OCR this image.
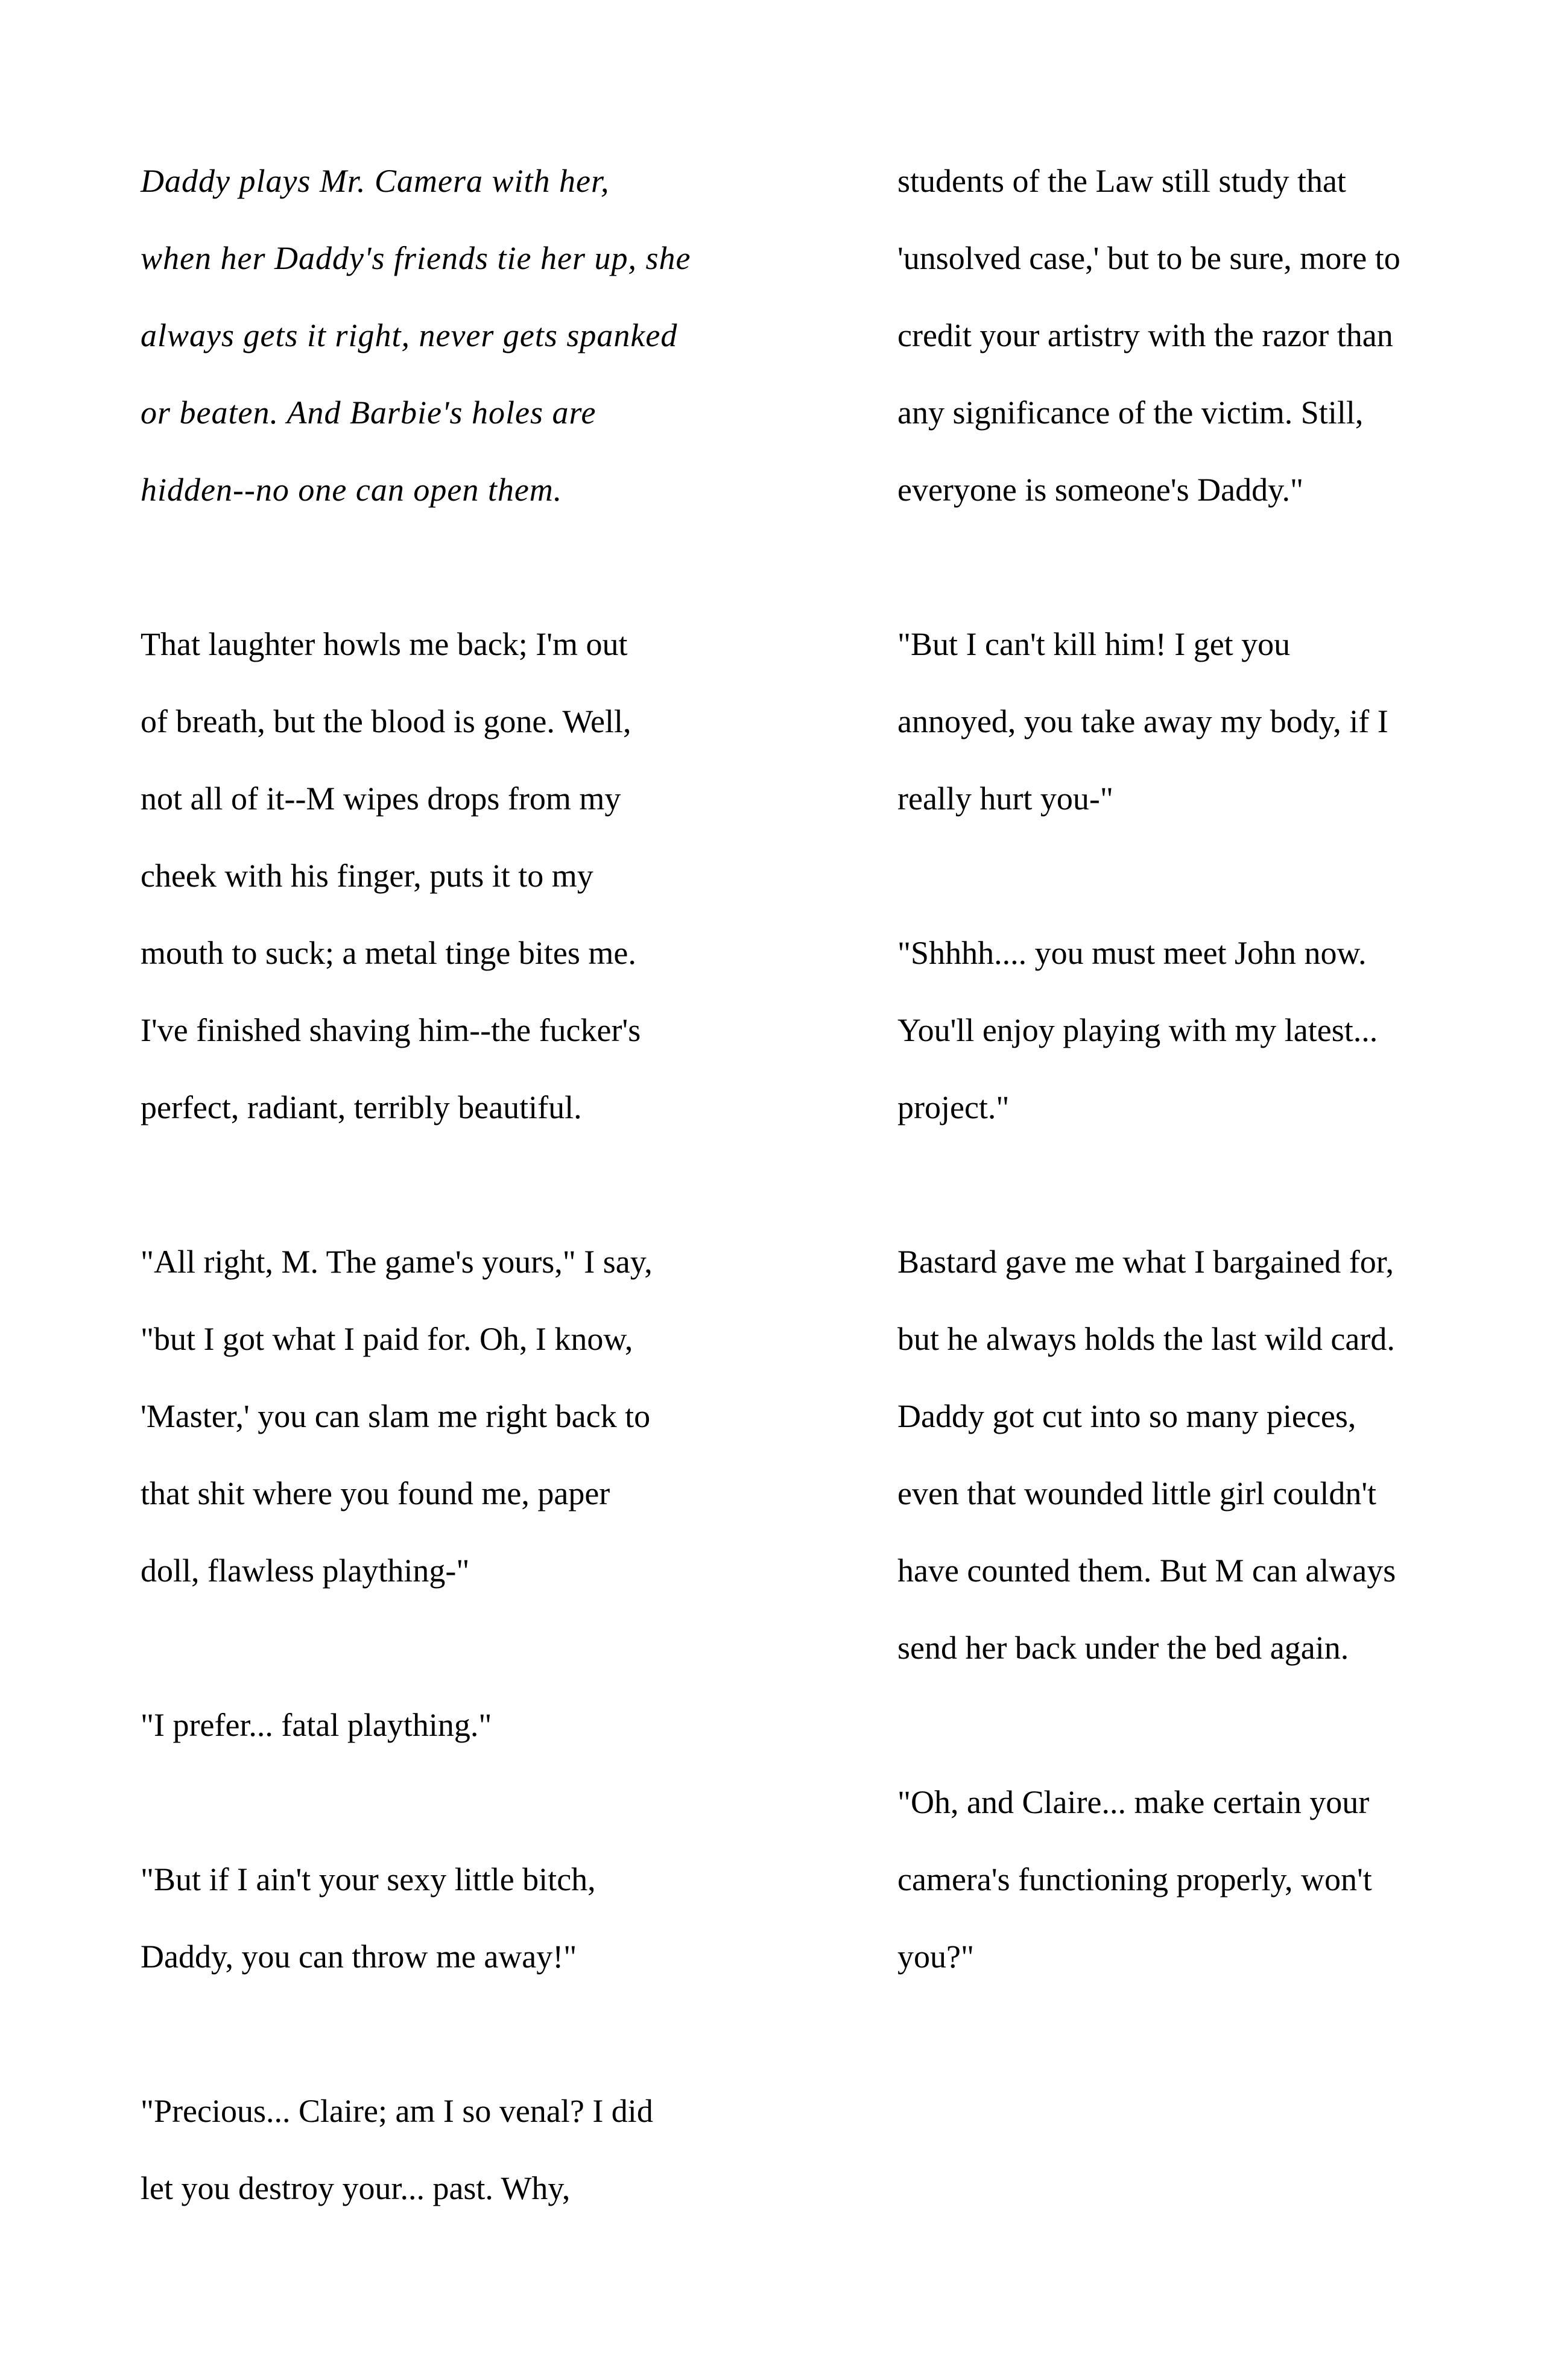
Daddy plays Mr. Camera with her,
when her Daddy's friends tie her up, she
always gets it right, never gets spanked
or beaten. And Barbie's holes are
hidden--no one can open them.
That laughter howls me back; I'm out
of breath, but the blood is gone. Well,
not all of it--M wipes drops from my
cheek with his finger, puts it to my
mouth to suck; a metal tinge bites me.
I've finished shaving him--the fucker's
perfect, radiant, terribly beautiful.
"All right, M. The game's yours," I say,
"but I got what I paid for. Oh, I know,
'Master,' you can slam me right back to
that shit where you found me, paper
doll, flawless plaything-"
"I prefer... fatal plaything."
"But if I ain't your sexy little bitch,
Daddy, you can throw me away!"
"Precious... Claire; am I so venal? I did
let you destroy your... past. Why,
students of the Law still study that
'unsolved case,' but to be sure, more to
credit your artistry with the razor than
any significance of the victim. Still,
everyone is someone's Daddy."
"But I can't kill him! I get you
annoyed, you take away my body, if I
really hurt you-"
"Shhhh.... you must meet John now.
You'll enjoy playing with my latest...
project."
Bastard gave me what I bargained for,
but he always holds the last wild card.
Daddy got cut into so many pieces,
even that wounded little girl couldn't
have counted them. But M can always
send her back under the bed again.
"Oh, and Claire... make certain your
camera's functioning properly, won't
you?"
